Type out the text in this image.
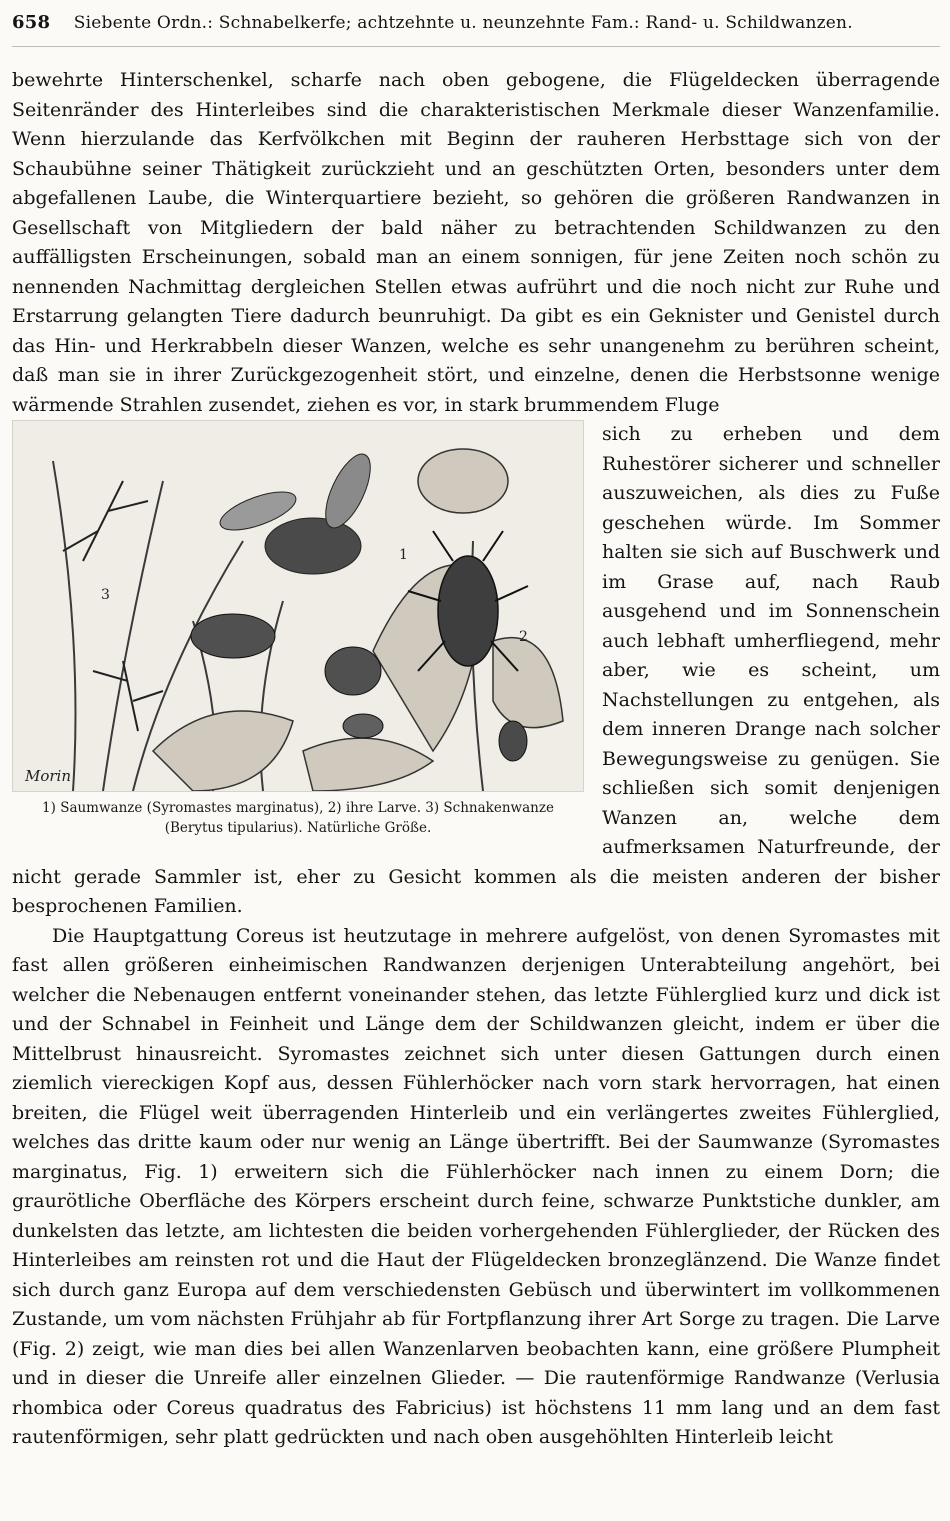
658 Siebente Ordn.: Schnabelkerfe; achtzehnte u. neunzehnte Fam.: Rand- u. Schildwanzen.

bewehrte Hinterschenkel, scharfe nach oben gebogene, die Flügeldecken überragende Seitenränder des Hinterleibes sind die charakteristischen Merkmale dieser Wanzenfamilie. Wenn hierzulande das Kerfvölkchen mit Beginn der rauheren Herbsttage sich von der Schaubühne seiner Thätigkeit zurückzieht und an geschützten Orten, besonders unter dem abgefallenen Laube, die Winterquartiere bezieht, so gehören die größeren Randwanzen in Gesellschaft von Mitgliedern der bald näher zu betrachtenden Schildwanzen zu den auffälligsten Erscheinungen, sobald man an einem sonnigen, für jene Zeiten noch schön zu nennenden Nachmittag dergleichen Stellen etwas aufrührt und die noch nicht zur Ruhe und Erstarrung gelangten Tiere dadurch beunruhigt. Da gibt es ein Geknister und Genistel durch das Hin- und Herkrabbeln dieser Wanzen, welche es sehr unangenehm zu berühren scheint, daß man sie in ihrer Zurückgezogenheit stört, und einzelne, denen die Herbstsonne wenige wärmende Strahlen zusendet, ziehen es vor, in stark brummendem Fluge

1
2
3
Morin
1) Saumwanze (Syromastes marginatus), 2) ihre Larve. 3) Schnakenwanze (Berytus tipularius). Natürliche Größe.

sich zu erheben und dem Ruhestörer sicherer und schneller auszuweichen, als dies zu Fuße geschehen würde. Im Sommer halten sie sich auf Buschwerk und im Grase auf, nach Raub ausgehend und im Sonnenschein auch lebhaft umherfliegend, mehr aber, wie es scheint, um Nachstellungen zu entgehen, als dem inneren Drange nach solcher Bewegungsweise zu genügen. Sie schließen sich somit denjenigen Wanzen an, welche dem aufmerksamen Naturfreunde, der nicht gerade Sammler ist, eher zu Gesicht kommen als die meisten anderen der bisher besprochenen Familien.

Die Hauptgattung Coreus ist heutzutage in mehrere aufgelöst, von denen Syromastes mit fast allen größeren einheimischen Randwanzen derjenigen Unterabteilung angehört, bei welcher die Nebenaugen entfernt voneinander stehen, das letzte Fühlerglied kurz und dick ist und der Schnabel in Feinheit und Länge dem der Schildwanzen gleicht, indem er über die Mittelbrust hinausreicht. Syromastes zeichnet sich unter diesen Gattungen durch einen ziemlich viereckigen Kopf aus, dessen Fühlerhöcker nach vorn stark hervorragen, hat einen breiten, die Flügel weit überragenden Hinterleib und ein verlängertes zweites Fühlerglied, welches das dritte kaum oder nur wenig an Länge übertrifft. Bei der Saumwanze (Syromastes marginatus, Fig. 1) erweitern sich die Fühlerhöcker nach innen zu einem Dorn; die graurötliche Oberfläche des Körpers erscheint durch feine, schwarze Punktstiche dunkler, am dunkelsten das letzte, am lichtesten die beiden vorhergehenden Fühlerglieder, der Rücken des Hinterleibes am reinsten rot und die Haut der Flügeldecken bronzeglänzend. Die Wanze findet sich durch ganz Europa auf dem verschiedensten Gebüsch und überwintert im vollkommenen Zustande, um vom nächsten Frühjahr ab für Fortpflanzung ihrer Art Sorge zu tragen. Die Larve (Fig. 2) zeigt, wie man dies bei allen Wanzenlarven beobachten kann, eine größere Plumpheit und in dieser die Unreife aller einzelnen Glieder. — Die rautenförmige Randwanze (Verlusia rhombica oder Coreus quadratus des Fabricius) ist höchstens 11 mm lang und an dem fast rautenförmigen, sehr platt gedrückten und nach oben ausgehöhlten Hinterleib leicht
